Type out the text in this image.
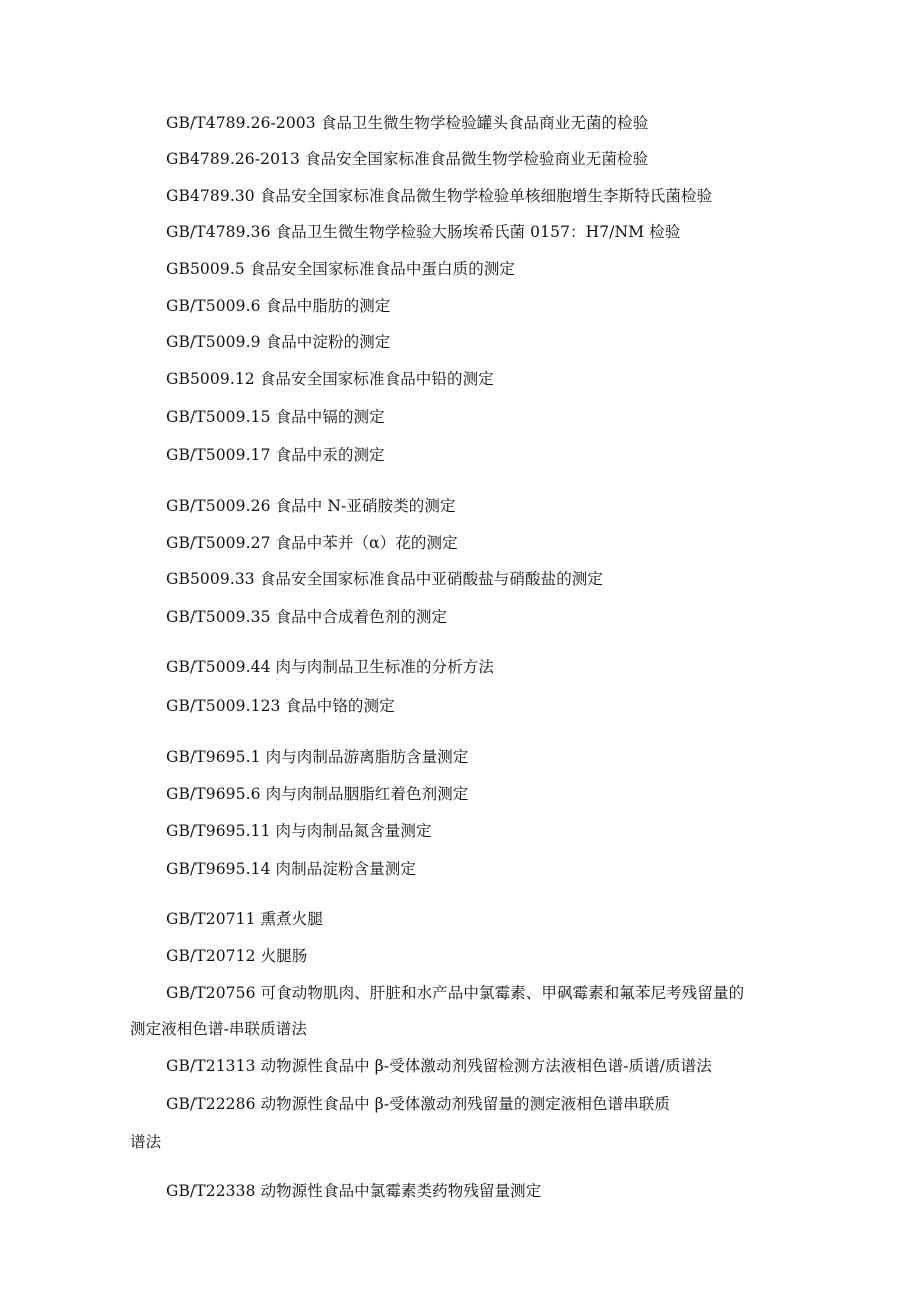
GB/T4789.26-2003 食品卫生微生物学检验罐头食品商业无菌的检验
GB4789.26-2013 食品安全国家标准食品微生物学检验商业无菌检验
GB4789.30 食品安全国家标准食品微生物学检验单核细胞增生李斯特氏菌检验
GB/T4789.36 食品卫生微生物学检验大肠埃希氏菌 0157：H7/NM 检验
GB5009.5 食品安全国家标准食品中蛋白质的测定
GB/T5009.6 食品中脂肪的测定
GB/T5009.9 食品中淀粉的测定
GB5009.12 食品安全国家标准食品中铅的测定
GB/T5009.15 食品中镉的测定
GB/T5009.17 食品中汞的测定
GB/T5009.26 食品中 N-亚硝胺类的测定
GB/T5009.27 食品中苯并（α）花的测定
GB5009.33 食品安全国家标准食品中亚硝酸盐与硝酸盐的测定
GB/T5009.35 食品中合成着色剂的测定
GB/T5009.44 肉与肉制品卫生标准的分析方法
GB/T5009.123 食品中铬的测定
GB/T9695.1 肉与肉制品游离脂肪含量测定
GB/T9695.6 肉与肉制品胭脂红着色剂测定
GB/T9695.11 肉与肉制品氮含量测定
GB/T9695.14 肉制品淀粉含量测定
GB/T20711 熏煮火腿
GB/T20712 火腿肠
GB/T20756 可食动物肌肉、肝脏和水产品中氯霉素、甲砜霉素和氟苯尼考残留量的
测定液相色谱-串联质谱法
GB/T21313 动物源性食品中 β-受体激动剂残留检测方法液相色谱-质谱/质谱法
GB/T22286 动物源性食品中 β-受体激动剂残留量的测定液相色谱串联质
谱法
GB/T22338 动物源性食品中氯霉素类药物残留量测定
